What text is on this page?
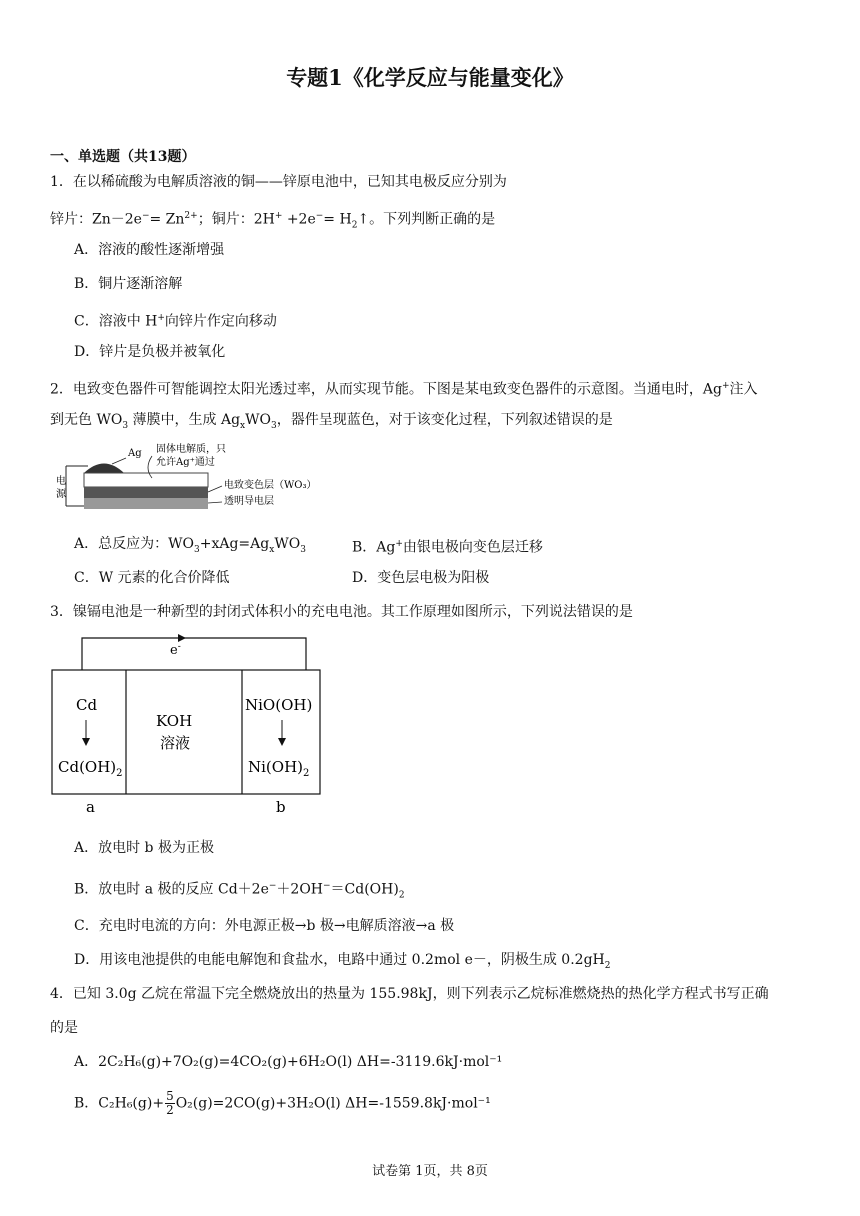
专题1《化学反应与能量变化》
一、单选题（共13题）
1．在以稀硫酸为电解质溶液的铜——锌原电池中，已知其电极反应分别为
锌片：$Zn-2e^-= Zn^{2+}$；铜片：$2H^+ +2e^-= H_2↑$。下列判断正确的是
A．溶液的酸性逐渐增强
B．铜片逐渐溶解
C．溶液中 H+向锌片作定向移动
D．锌片是负极并被氧化
2．电致变色器件可智能调控太阳光透过率，从而实现节能。下图是某电致变色器件的示意图。当通电时，Ag+注入
到无色 $WO_3$ 薄膜中，生成 $Ag_xWO_3$，器件呈现蓝色，对于该变化过程，下列叙述错误的是
电
源
Ag 固体电解质，只
允许Ag⁺通过
电致变色层（WO₃）
透明导电层
A．总反应为：$WO_3+xAg=Ag_xWO_3$	B．Ag+由银电极向变色层迁移
C．W 元素的化合价降低	D．变色层电极为阳极
3．镍镉电池是一种新型的封闭式体积小的充电电池。其工作原理如图所示，下列说法错误的是
e-
Cd
$Cd(OH)_2$
KOH
溶液
NiO(OH)
$Ni(OH)_2$
a	b
A．放电时 b 极为正极
B．放电时 a 极的反应 $Cd+2e^-+2OH^-=Cd(OH)_2$
C．充电时电流的方向：外电源正极→b 极→电解质溶液→a 极
D．用该电池提供的电能电解饱和食盐水，电路中通过 0.2mol e－，阴极生成 $0.2gH_2$
4．已知 3.0g 乙烷在常温下完全燃烧放出的热量为 155.98kJ，则下列表示乙烷标准燃烧热的热化学方程式书写正确
的是
A．2C₂H₆(g)+7O₂(g)=4CO₂(g)+6H₂O(l) ΔH=-3119.6kJ·mol⁻¹
B．$C_2H_6(g)+ \frac{5}{2} O_2(g)=2CO(g)+3H_2O(l)$ ΔH=-1559.8kJ·mol⁻¹
试卷第 1页，共 8页
